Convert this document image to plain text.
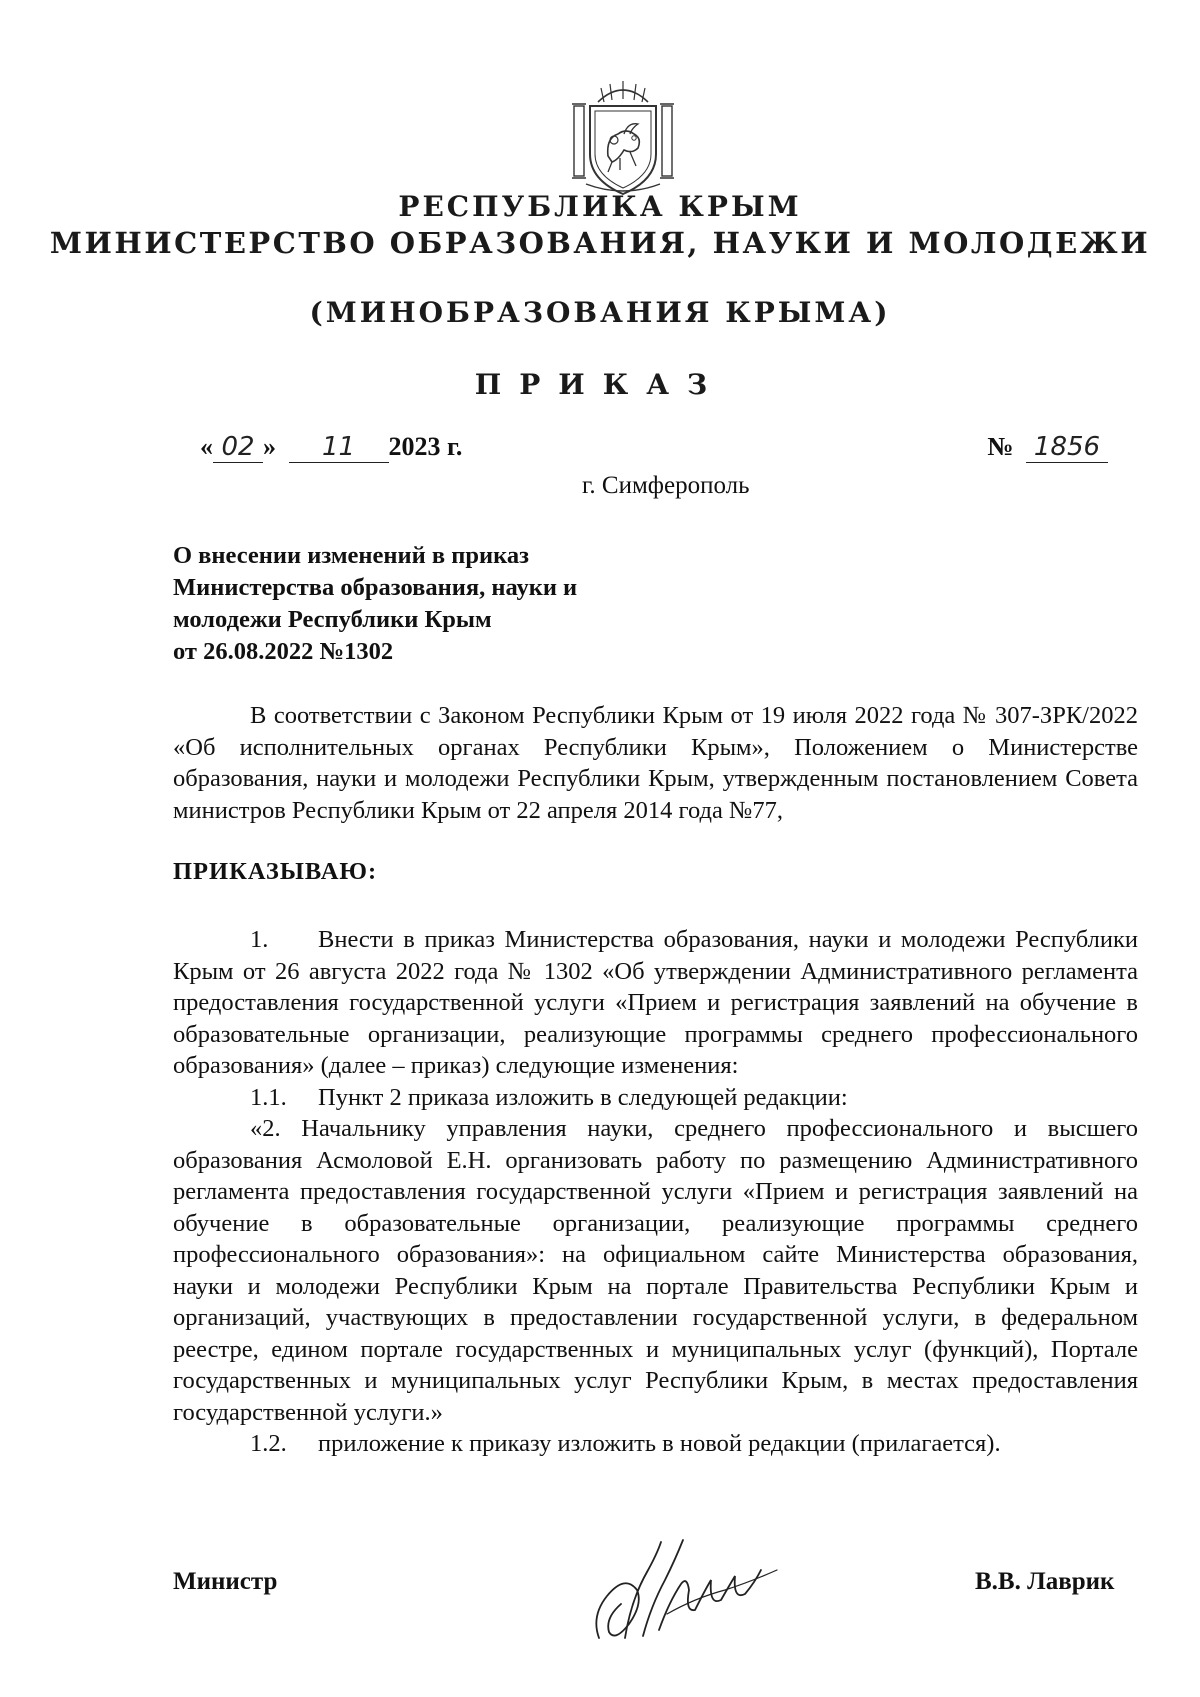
РЕСПУБЛИКА КРЫМ
МИНИСТЕРСТВО ОБРАЗОВАНИЯ, НАУКИ И МОЛОДЕЖИ
(МИНОБРАЗОВАНИЯ КРЫМА)
ПРИКАЗ
« 02 » 11 2023 г.	№ 1856
г. Симферополь
О внесении изменений в приказ
Министерства образования, науки и
молодежи Республики Крым
от 26.08.2022 №1302
В соответствии с Законом Республики Крым от 19 июля 2022 года № 307-ЗРК/2022 «Об исполнительных органах Республики Крым», Положением о Министерстве образования, науки и молодежи Республики Крым, утвержденным постановлением Совета министров Республики Крым от 22 апреля 2014 года №77,
ПРИКАЗЫВАЮ:

1. Внести в приказ Министерства образования, науки и молодежи Республики Крым от 26 августа 2022 года № 1302 «Об утверждении Административного регламента предоставления государственной услуги «Прием и регистрация заявлений на обучение в образовательные организации, реализующие программы среднего профессионального образования» (далее – приказ) следующие изменения:

1.1. Пункт 2 приказа изложить в следующей редакции:

«2. Начальнику управления науки, среднего профессионального и высшего образования Асмоловой Е.Н. организовать работу по размещению Административного регламента предоставления государственной услуги «Прием и регистрация заявлений на обучение в образовательные организации, реализующие программы среднего профессионального образования»: на официальном сайте Министерства образования, науки и молодежи Республики Крым на портале Правительства Республики Крым и организаций, участвующих в предоставлении государственной услуги, в федеральном реестре, едином портале государственных и муниципальных услуг (функций), Портале государственных и муниципальных услуг Республики Крым, в местах предоставления государственной услуги.»

1.2. приложение к приказу изложить в новой редакции (прилагается).

Министр	В.В. Лаврик
